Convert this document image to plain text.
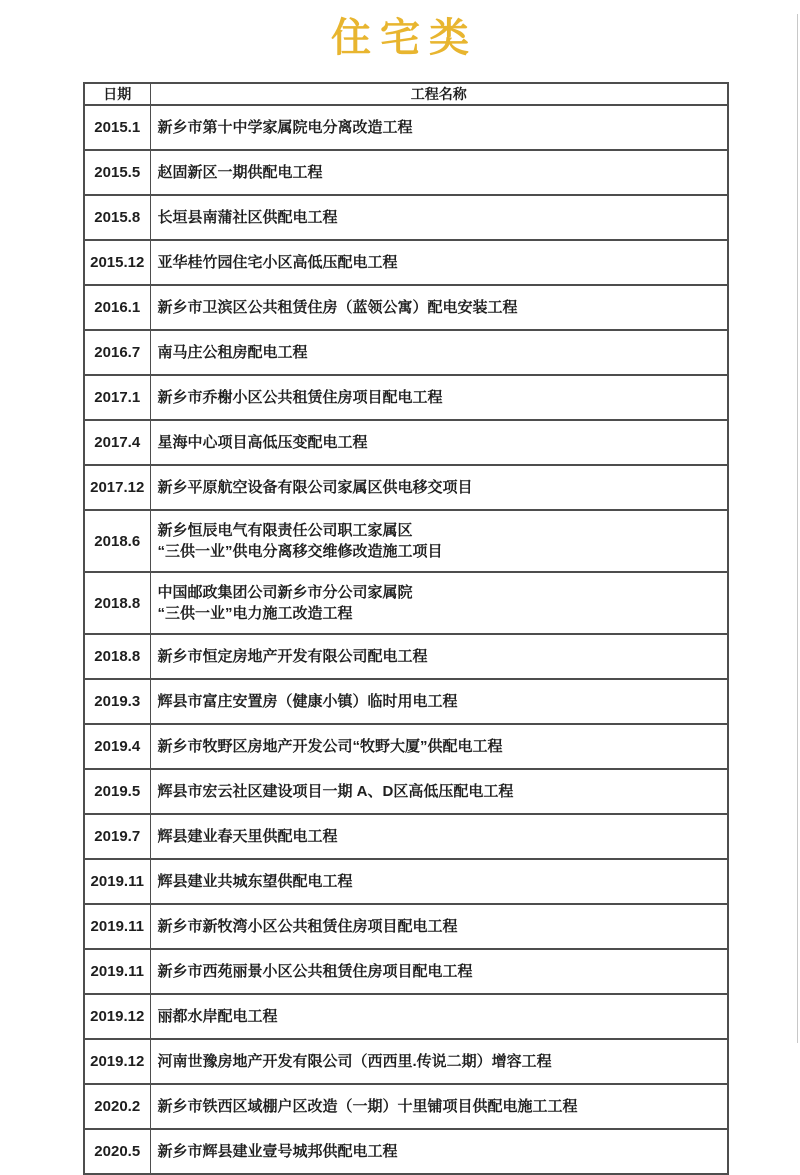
住宅类
日期	工程名称
2015.1	新乡市第十中学家属院电分离改造工程
2015.5	赵固新区一期供配电工程
2015.8	长垣县南蒲社区供配电工程
2015.12	亚华桂竹园住宅小区高低压配电工程
2016.1	新乡市卫滨区公共租赁住房（蓝领公寓）配电安装工程
2016.7	南马庄公租房配电工程
2017.1	新乡市乔榭小区公共租赁住房项目配电工程
2017.4	星海中心项目高低压变配电工程
2017.12	新乡平原航空设备有限公司家属区供电移交项目
2018.6	新乡恒辰电气有限责任公司职工家属区
“三供一业”供电分离移交维修改造施工项目
2018.8	中国邮政集团公司新乡市分公司家属院
“三供一业”电力施工改造工程
2018.8	新乡市恒定房地产开发有限公司配电工程
2019.3	辉县市富庄安置房（健康小镇）临时用电工程
2019.4	新乡市牧野区房地产开发公司“牧野大厦”供配电工程
2019.5	辉县市宏云社区建设项目一期 A、D区高低压配电工程
2019.7	辉县建业春天里供配电工程
2019.11	辉县建业共城东望供配电工程
2019.11	新乡市新牧湾小区公共租赁住房项目配电工程
2019.11	新乡市西苑丽景小区公共租赁住房项目配电工程
2019.12	丽都水岸配电工程
2019.12	河南世豫房地产开发有限公司（西西里.传说二期）增容工程
2020.2	新乡市铁西区域棚户区改造（一期）十里铺项目供配电施工工程
2020.5	新乡市辉县建业壹号城邦供配电工程
